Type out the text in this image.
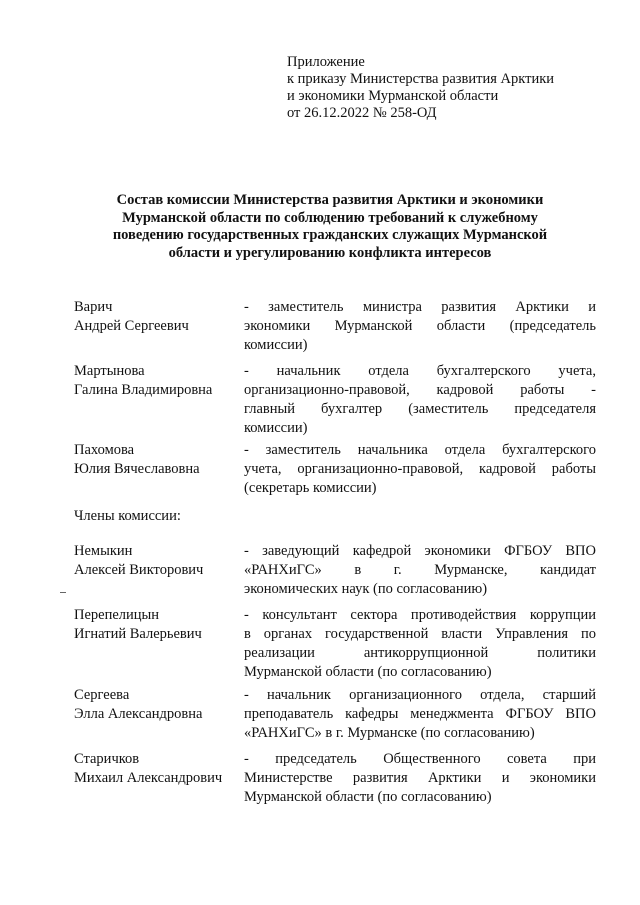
Приложение
к приказу Министерства развития Арктики
и экономики Мурманской области
от 26.12.2022 № 258-ОД
Состав комиссии Министерства развития Арктики и экономики
Мурманской области по соблюдению требований к служебному
поведению государственных гражданских служащих Мурманской
области и урегулированию конфликта интересов
Варич
Андрей Сергеевич
- заместитель министра развития Арктики и
экономики Мурманской области (председатель
комиссии)
Мартынова
Галина Владимировна
- начальник отдела бухгалтерского учета,
организационно-правовой, кадровой работы -
главный бухгалтер (заместитель председателя
комиссии)
Пахомова
Юлия Вячеславовна
- заместитель начальника отдела бухгалтерского
учета, организационно-правовой, кадровой работы
(секретарь комиссии)
Члены комиссии:
Немыкин
Алексей Викторович
- заведующий кафедрой экономики ФГБОУ ВПО
«РАНХиГС» в г. Мурманске, кандидат
экономических наук (по согласованию)
Перепелицын
Игнатий Валерьевич
- консультант сектора противодействия коррупции
в органах государственной власти Управления по
реализации антикоррупционной политики
Мурманской области (по согласованию)
Сергеева
Элла Александровна
- начальник организационного отдела, старший
преподаватель кафедры менеджмента ФГБОУ ВПО
«РАНХиГС» в г. Мурманске (по согласованию)
Старичков
Михаил Александрович
- председатель Общественного совета при
Министерстве развития Арктики и экономики
Мурманской области (по согласованию)
